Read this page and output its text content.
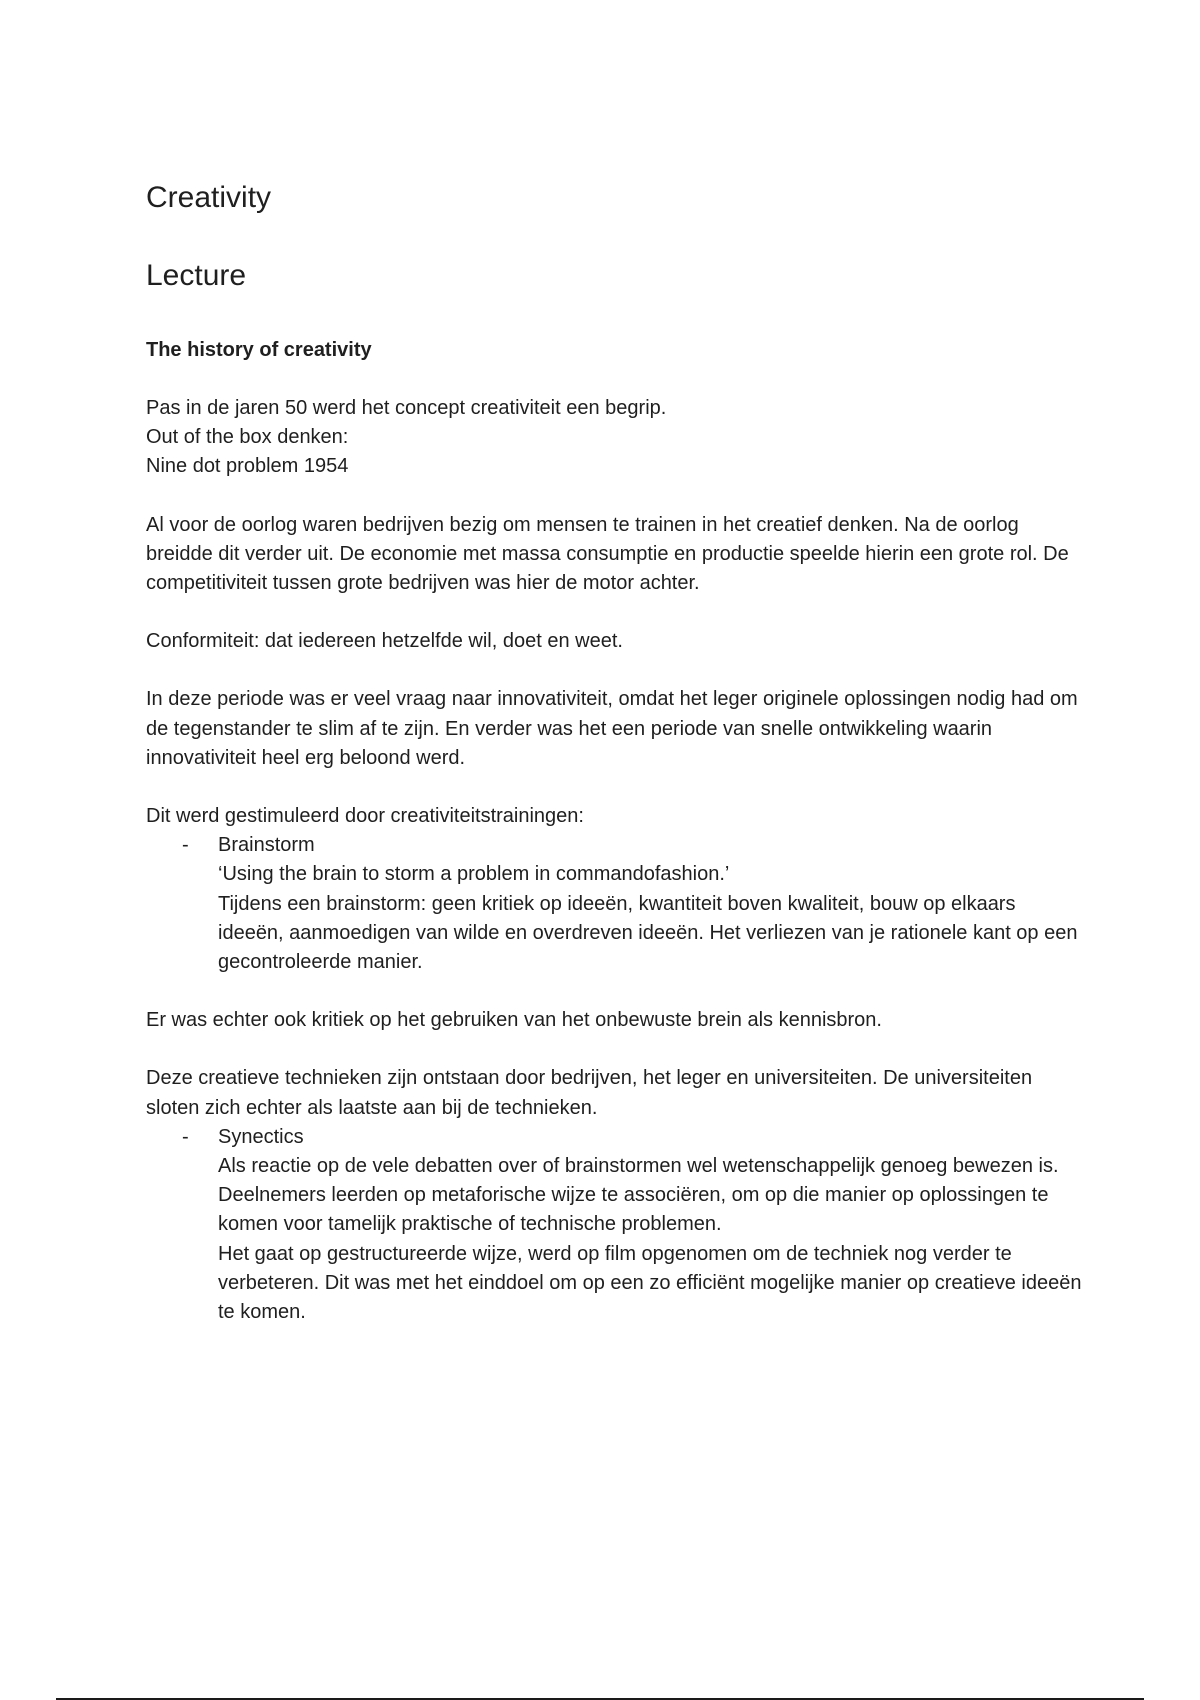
Creativity
Lecture
The history of creativity

Pas in de jaren 50 werd het concept creativiteit een begrip.
Out of the box denken:
Nine dot problem 1954

Al voor de oorlog waren bedrijven bezig om mensen te trainen in het creatief denken. Na de oorlog breidde dit verder uit. De economie met massa consumptie en productie speelde hierin een grote rol. De competitiviteit tussen grote bedrijven was hier de motor achter.

Conformiteit: dat iedereen hetzelfde wil, doet en weet.

In deze periode was er veel vraag naar innovativiteit, omdat het leger originele oplossingen nodig had om de tegenstander te slim af te zijn. En verder was het een periode van snelle ontwikkeling waarin innovativiteit heel erg beloond werd.

Dit werd gestimuleerd door creativiteitstrainingen:

- Brainstorm
‘Using the brain to storm a problem in commandofashion.’
Tijdens een brainstorm: geen kritiek op ideeën, kwantiteit boven kwaliteit, bouw op elkaars ideeën, aanmoedigen van wilde en overdreven ideeën. Het verliezen van je rationele kant op een gecontroleerde manier.

Er was echter ook kritiek op het gebruiken van het onbewuste brein als kennisbron.

Deze creatieve technieken zijn ontstaan door bedrijven, het leger en universiteiten. De universiteiten sloten zich echter als laatste aan bij de technieken.

- Synectics
Als reactie op de vele debatten over of brainstormen wel wetenschappelijk genoeg bewezen is.
Deelnemers leerden op metaforische wijze te associëren, om op die manier op oplossingen te komen voor tamelijk praktische of technische problemen.
Het gaat op gestructureerde wijze, werd op film opgenomen om de techniek nog verder te verbeteren. Dit was met het einddoel om op een zo efficiënt mogelijke manier op creatieve ideeën te komen.
